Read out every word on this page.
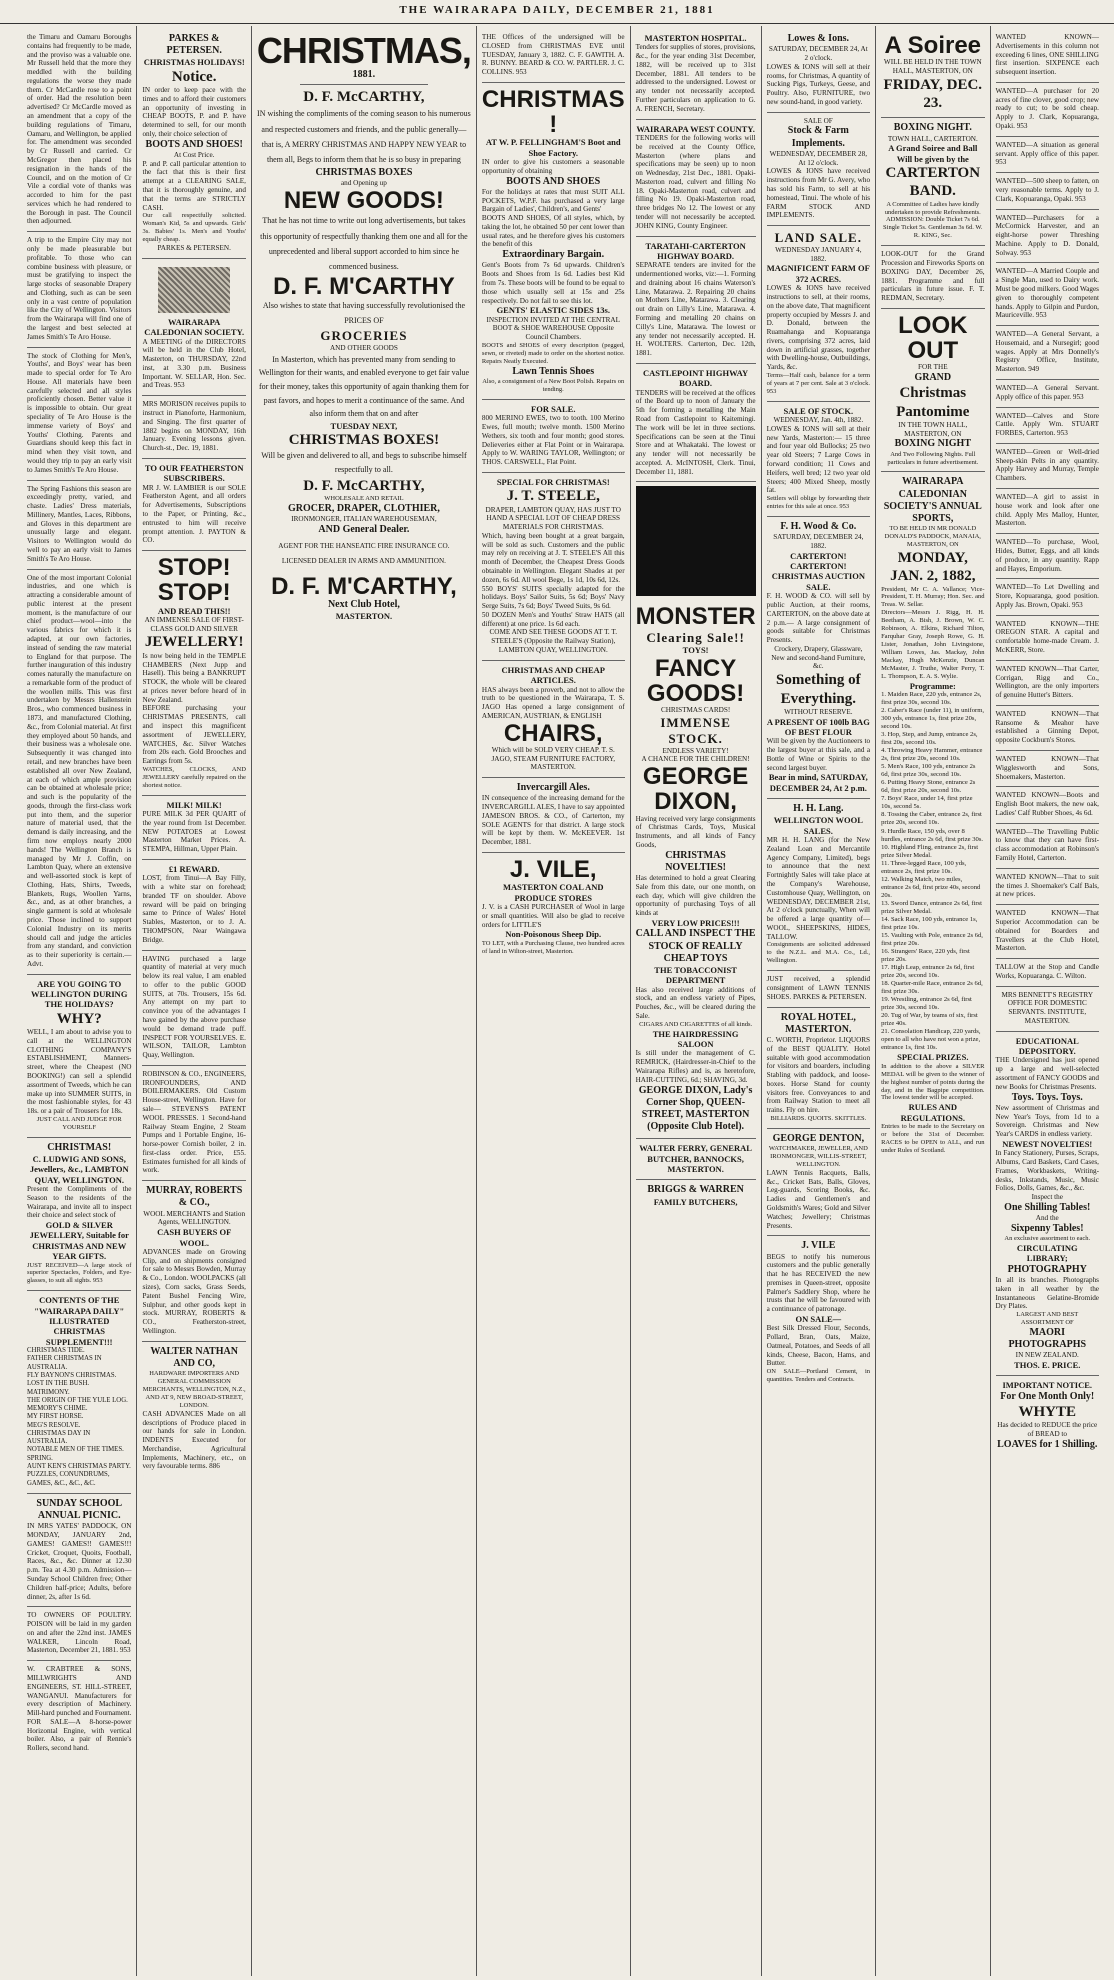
THE WAIRARAPA DAILY, DECEMBER 21, 1881
the Timaru and Oamaru Boroughs contains had frequently to be made, and the proviso was a valuable one. Mr Russell held that the more they meddled with the building regulations the worse they made them. Cr McCardle rose to a point of order. Had the resolution been advertised? Cr McCardle moved as an amendment that a copy of the building regulations of Timaru, Oamaru, and Wellington, be applied for. The amendment was seconded by Cr Russell and carried. Cr McGregor then placed his resignation in the hands of the Council, and on the motion of Cr Vile a cordial vote of thanks was accorded to him for the past services which he had rendered to the Borough in past. The Council then adjourned.
A trip to the Empire City may not only be made pleasurable but profitable. To those who can combine business with pleasure, or must be gratifying to inspect the large stocks of seasonable Drapery and Clothing, such as can be seen only in a vast centre of population like the City of Wellington. Visitors from the Wairarapa will find one of the largest and best selected at James Smith's Te Aro House.
The stock of Clothing for Men's, Youths', and Boys' wear has been made to special order for Te Aro House. All materials have been carefully selected and all styles proficiently chosen. Better value it is impossible to obtain. Our great speciality of Te Aro House is the immense variety of Boys' and Youths' Clothing. Parents and Guardians should keep this fact in mind when they visit town, and would they trip to pay an early visit to James Smith's Te Aro House.
The Spring Fashions this season are exceedingly pretty, varied, and chaste. Ladies' Dress materials, Millinery, Mantles, Laces, Ribbons, and Gloves in this department are unusually large and elegant. Visitors to Wellington would do well to pay an early visit to James Smith's Te Aro House.
One of the most important Colonial industries, and one which is attracting a considerable amount of public interest at the present moment, is the manufacture of our chief product—wool—into the various fabrics for which it is adapted, at our own factories, instead of sending the raw material to England for that purpose. The further inauguration of this industry comes naturally the manufacture on a remarkable form of the product of the woollen mills. This was first undertaken by Messrs Hallenstein Bros., who commenced business in 1873, and manufactured Clothing, &c., from Colonial material. At first they employed about 50 hands, and their business was a wholesale one. Subsequently it was changed into retail, and new branches have been established all over New Zealand, at each of which ample provision can be obtained at wholesale price; and such is the popularity of the goods, through the first-class work put into them, and the superior nature of material used, that the demand is daily increasing, and the firm now employs nearly 2000 hands! The Wellington Branch is managed by Mr J. Coffin, on Lambton Quay, where an extensive and well-assorted stock is kept of Clothing, Hats, Shirts, Tweeds, Blankets, Rugs, Woollen Yarns, &c., and, as at other branches, a single garment is sold at wholesale price. Those inclined to support Colonial Industry on its merits should call and judge the articles from any standard, and conviction as to their superiority is certain.—Advt.
ARE YOU GOING TO WELLINGTON DURING THE HOLIDAYS?
WHY?
WELL, I am about to advise you to call at the WELLINGTON CLOTHING COMPANY'S ESTABLISHMENT, Manners-street, where the Cheapest (NO BOOKING!) can sell a splendid assortment of Tweeds, which he can make up into SUMMER SUITS, in the most fashionable styles, for 43 18s. or a pair of Trousers for 18s.
JUST CALL AND JUDGE FOR YOURSELF
CHRISTMAS!
C. LUDWIG AND SONS, Jewellers, &c., LAMBTON QUAY, WELLINGTON.
Present the Compliments of the Season to the residents of the Wairarapa, and invite all to inspect their choice and select stock of
GOLD & SILVER JEWELLERY, Suitable for CHRISTMAS AND NEW YEAR GIFTS.
JUST RECEIVED—A large stock of superior Spectacles, Folders, and Eye-glasses, to suit all sights. 953
CONTENTS OF THE "WAIRARAPA DAILY" ILLUSTRATED CHRISTMAS SUPPLEMENT!!!
CHRISTMAS TIDE.
FATHER CHRISTMAS IN AUSTRALIA.
FLY BAYNON'S CHRISTMAS.
LOST IN THE BUSH.
MATRIMONY.
THE ORIGIN OF THE YULE LOG.
MEMORY'S CHIME.
MY FIRST HORSE.
MEG'S RESOLVE.
CHRISTMAS DAY IN AUSTRALIA.
NOTABLE MEN OF THE TIMES.
SPRING.
AUNT KEN'S CHRISTMAS PARTY.
PUZZLES, CONUNDRUMS, GAMES, &C., &C., &C.
SUNDAY SCHOOL ANNUAL PICNIC.
IN MRS YATES' PADDOCK, ON MONDAY, JANUARY 2nd, GAMES! GAMES!! GAMES!!! Cricket, Croquet, Quoits, Football, Races, &c., &c. Dinner at 12.30 p.m. Tea at 4.30 p.m. Admission—Sunday School Children free; Other Children half-price; Adults, before dinner, 2s, after 1s 6d.
TO OWNERS OF POULTRY. POISON will be laid in my garden on and after the 22nd inst. JAMES WALKER, Lincoln Road, Masterton, December 21, 1881. 953
W. CRABTREE & SONS, MILLWRIGHTS AND ENGINEERS, ST. HILL-STREET, WANGANUI. Manufacturers for every description of Machinery. Mill-hard punched and Fournament. FOR SALE—A 8-horse-power Horizontal Engine, with vertical boiler. Also, a pair of Rennie's Rollers, second hand.
PARKES & PETERSEN.
CHRISTMAS HOLIDAYS!
Notice.
IN order to keep pace with the times and to afford their customers an opportunity of investing in CHEAP BOOTS, P. and P. have determined to sell, for our month only, their choice selection of
BOOTS AND SHOES!
At Cost Price.
P. and P. call particular attention to the fact that this is their first attempt at a CLEARING SALE, that it is thoroughly genuine, and that the terms are STRICTLY CASH.
Our call respectfully solicited. Woman's Kid, 5s and upwards. Girls' 3s. Babies' 1s. Men's and Youths' equally cheap.
PARKES & PETERSEN.
WAIRARAPA CALEDONIAN SOCIETY.
A MEETING of the DIRECTORS will be held in the Club Hotel, Masterton, on THURSDAY, 22nd inst, at 3.30 p.m. Business Important. W. SELLAR, Hon. Sec. and Treas. 953
MRS MORISON receives pupils to instruct in Pianoforte, Harmonium, and Singing. The first quarter of 1882 begins on MONDAY, 16th January. Evening lessons given. Church-st., Dec. 19, 1881.
TO OUR FEATHERSTON SUBSCRIBERS.
MR J. W. LAMBIER is our SOLE Featherston Agent, and all orders for Advertisements, Subscriptions to the Paper, or Printing, &c., entrusted to him will receive prompt attention. J. PAYTON & CO.
STOP! STOP!
AND READ THIS!!
AN IMMENSE SALE OF FIRST-CLASS GOLD AND SILVER
JEWELLERY!
Is now being held in the TEMPLE CHAMBERS (Next Jupp and Hasell). This being a BANKRUPT STOCK, the whole will be cleared at prices never before heard of in New Zealand.
BEFORE purchasing your CHRISTMAS PRESENTS, call and inspect this magnificent assortment of JEWELLERY, WATCHES, &c. Silver Watches from 20s each. Gold Brooches and Earrings from 5s.
WATCHES, CLOCKS, AND JEWELLERY carefully repaired on the shortest notice.
MILK! MILK!
PURE MILK 3d PER QUART of the year round from 1st December. NEW POTATOES at Lowest Masterton Market Prices. A. STEMPA, Hillman, Upper Plain.
£1 REWARD.
LOST, from Tinui—A Bay Filly, with a white star on forehead; branded TF on shoulder. Above reward will be paid on bringing same to Prince of Wales' Hotel Stables, Masterton, or to J. A. THOMPSON, Near Waingawa Bridge.
HAVING purchased a large quantity of material at very much below its real value, I am enabled to offer to the public GOOD SUITS, at 70s. Trousers, 15s 6d. Any attempt on my part to convince you of the advantages I have gained by the above purchase would be demand trade puff. INSPECT FOR YOURSELVES. E. WILSON, TAILOR, Lambton Quay, Wellington.
ROBINSON & CO., ENGINEERS, IRONFOUNDERS, AND BOILERMAKERS. Old Custom House-street, Wellington. Have for sale— STEVENS'S PATENT WOOL PRESSES. 1 Second-hand Railway Steam Engine, 2 Steam Pumps and 1 Portable Engine, 16-horse-power Cornish boiler, 2 in. first-class order. Price, £55. Estimates furnished for all kinds of work.
MURRAY, ROBERTS & CO.,
WOOL MERCHANTS and Station Agents, WELLINGTON.
CASH BUYERS OF WOOL.
ADVANCES made on Growing Clip, and on shipments consigned for sale to Messrs Bowden, Murray & Co., London. WOOLPACKS (all sizes), Corn sacks, Grass Seeds, Patent Bushel Fencing Wire, Sulphur, and other goods kept in stock. MURRAY, ROBERTS & CO., Featherston-street, Wellington.
WALTER NATHAN AND CO,
HARDWARE IMPORTERS AND GENERAL COMMISSION MERCHANTS, WELLINGTON, N.Z., AND AT 9, NEW BROAD-STREET, LONDON.
CASH ADVANCES Made on all descriptions of Produce placed in our hands for sale in London. INDENTS Executed for Merchandise, Agricultural Implements, Machinery, etc., on very favourable terms. 886
CHRISTMAS,
1881.
D. F. McCARTHY,
IN wishing the compliments of the coming season to his numerous and respected customers and friends, and the public generally—that is, A MERRY CHRISTMAS AND HAPPY NEW YEAR to them all, Begs to inform them that he is so busy in preparing
CHRISTMAS BOXES
and Opening up
NEW GOODS!
That he has not time to write out long advertisements, but takes this opportunity of respectfully thanking them one and all for the unprecedented and liberal support accorded to him since he commenced business.
D. F. M'CARTHY
Also wishes to state that having successfully revolutionised the PRICES OF
GROCERIES
AND OTHER GOODS
In Masterton, which has prevented many from sending to Wellington for their wants, and enabled everyone to get fair value for their money, takes this opportunity of again thanking them for past favors, and hopes to merit a continuance of the same. And also inform them that on and after
TUESDAY NEXT,
CHRISTMAS BOXES!
Will be given and delivered to all, and begs to subscribe himself respectfully to all.
D. F. McCARTHY,
WHOLESALE AND RETAIL
GROCER, DRAPER, CLOTHIER,
IRONMONGER, ITALIAN WAREHOUSEMAN,
AND General Dealer.
AGENT FOR THE HANSEATIC FIRE INSURANCE CO.
LICENSED DEALER IN ARMS AND AMMUNITION.
D. F. M'CARTHY,
Next Club Hotel,
MASTERTON.
THE Offices of the undersigned will be CLOSED from CHRISTMAS EVE until TUESDAY, January 3, 1882. C. F. GAWITH. A. R. BUNNY. BEARD & CO. W. PARTLER. J. C. COLLINS. 953
CHRISTMAS !
AT W. P. FELLINGHAM'S Boot and Shoe Factory.
IN order to give his customers a seasonable opportunity of obtaining
BOOTS AND SHOES
For the holidays at rates that must SUIT ALL POCKETS, W.P.F. has purchased a very large Bargain of Ladies', Children's, and Gents'
BOOTS AND SHOES, Of all styles, which, by taking the lot, he obtained 50 per cent lower than usual rates, and he therefore gives his customers the benefit of this
Extraordinary Bargain.
Gent's Boots from 7s 6d upwards. Children's Boots and Shoes from 1s 6d. Ladies best Kid from 7s. These boots will be found to be equal to those which usually sell at 15s and 25s respectively. Do not fail to see this lot.
GENTS' ELASTIC SIDES 13s.
INSPECTION INVITED AT THE CENTRAL BOOT & SHOE WAREHOUSE Opposite Council Chambers.
BOOTS and SHOES of every description (pegged, sewn, or riveted) made to order on the shortest notice. Repairs Neatly Executed.
Lawn Tennis Shoes
Also, a consignment of a New Boot Polish. Repairs on tending.
FOR SALE.
800 MERINO EWES, two to tooth. 100 Merino Ewes, full mouth; twelve month. 1500 Merino Wethers, six tooth and four month; good stores. Delieveries either at Flat Point or in Wairarapa. Apply to W. WARING TAYLOR, Wellington; or THOS. CARSWELL, Flat Point.
SPECIAL FOR CHRISTMAS!
J. T. STEELE,
DRAPER, LAMBTON QUAY, HAS JUST TO HAND A SPECIAL LOT OF CHEAP DRESS MATERIALS FOR CHRISTMAS.
Which, having been bought at a great bargain, will be sold as such. Customers and the public may rely on receiving at J. T. STEELE'S All this month of December, the Cheapest Dress Goods obtainable in Wellington. Elegant Shades at per dozen, 6s 6d. All wool Bege, 1s 1d, 10s 6d, 12s.
550 BOYS' SUITS specially adapted for the holidays. Boys' Sailor Suits, 5s 6d; Boys' Navy Serge Suits, 7s 6d; Boys' Tweed Suits, 9s 6d.
50 DOZEN Men's and Youths' Straw HATS (all different) at one price. 1s 6d each.
COME AND SEE THESE GOODS AT T. T. STEELE'S (Opposite the Railway Station), LAMBTON QUAY, WELLINGTON.
CHRISTMAS AND CHEAP ARTICLES.
HAS always been a proverb, and not to allow the truth to be questioned in the Wairarapa, T. S. JAGO Has opened a large consignment of AMERICAN, AUSTRIAN, & ENGLISH
CHAIRS,
Which will be SOLD VERY CHEAP. T. S. JAGO, STEAM FURNITURE FACTORY, MASTERTON.
Invercargill Ales.
IN consequence of the increasing demand for the INVERCARGILL ALES, I have to say appointed JAMESON BROS. & CO., of Carterton, my SOLE AGENTS for that district. A large stock will be kept by them. W. McKEEVER. 1st December, 1881.
J. VILE,
MASTERTON COAL AND PRODUCE STORES
J. V. is a CASH PURCHASER of Wool in large or small quantities. Will also be glad to receive orders for LITTLE'S
Non-Poisonous Sheep Dip.
TO LET, with a Purchasing Clause, two hundred acres of land in Wilton-street, Masterton.
MASTERTON HOSPITAL.
Tenders for supplies of stores, provisions, &c., for the year ending 31st December, 1882, will be received up to 31st December, 1881. All tenders to be addressed to the undersigned. Lowest or any tender not necessarily accepted. Further particulars on application to G. A. FRENCH, Secretary.
WAIRARAPA WEST COUNTY.
TENDERS for the following works will be received at the County Office, Masterton (where plans and specifications may be seen) up to noon on Wednesday, 21st Dec., 1881. Opaki-Masterton road, culvert and filling No 18. Opaki-Masterton road, culvert and filling No 19. Opaki-Masterton road, three bridges No 12. The lowest or any tender will not necessarily be accepted. JOHN KING, County Engineer.
TARATAHI-CARTERTON HIGHWAY BOARD.
SEPARATE tenders are invited for the undermentioned works, viz:—1. Forming and draining about 16 chains Waterson's Line, Matarawa. 2. Repairing 20 chains on Mothers Line, Matarawa. 3. Clearing out drain on Lilly's Line, Matarawa. 4. Forming and metalling 20 chains on Cilly's Line, Matarawa. The lowest or any tender not necessarily accepted. H. H. WOLTERS. Carterton, Dec. 12th, 1881.
CASTLEPOINT HIGHWAY BOARD.
TENDERS will be received at the offices of the Board up to noon of January the 5th for forming a metalling the Main Road from Castlepoint to Kaitemingi. The work will be let in three sections. Specifications can be seen at the Tinui Store and at Whakataki. The lowest or any tender will not necessarily be accepted. A. McINTOSH, Clerk. Tinui, December 11, 1881.
MONSTER
Clearing Sale!!
TOYS!
FANCY GOODS!
CHRISTMAS CARDS!
IMMENSE STOCK.
ENDLESS VARIETY!
A CHANCE FOR THE CHILDREN!
GEORGE DIXON,
Having received very large consignments of Christmas Cards, Toys, Musical Instruments, and all kinds of Fancy Goods,
CHRISTMAS NOVELTIES!
Has determined to hold a great Clearing Sale from this date, our one month, on each day, which will give children the opportunity of purchasing Toys of all kinds at
VERY LOW PRICES!!!
CALL AND INSPECT THE STOCK OF REALLY CHEAP TOYS
THE TOBACCONIST DEPARTMENT
Has also received large additions of stock, and an endless variety of Pipes, Pouches, &c., will be cleared during the Sale.
CIGARS AND CIGARETTES of all kinds.
THE HAIRDRESSING SALOON
Is still under the management of C. REMRICK, (Hairdresser-in-Chief to the Wairarapa Rifles) and is, as heretofore, HAIR-CUTTING, 6d.; SHAVING, 3d.
GEORGE DIXON, Lady's Corner Shop, QUEEN-STREET, MASTERTON (Opposite Club Hotel).
WALTER FERRY, GENERAL BUTCHER, BANNOCKS, MASTERTON.
BRIGGS & WARREN
FAMILY BUTCHERS,
Lowes & Ions.
SATURDAY, DECEMBER 24, At 2 o'clock.
LOWES & IONS will sell at their rooms, for Christmas, A quantity of Sucking Pigs, Turkeys, Geese, and Poultry. Also, FURNITURE, two new sound-hand, in good variety.
SALE OF
Stock & Farm Implements.
WEDNESDAY, DECEMBER 28, At 12 o'clock.
LOWES & IONS have received instructions from Mr G. Avery, who has sold his Farm, to sell at his homestead, Tinui. The whole of his FARM STOCK AND IMPLEMENTS.
LAND SALE.
WEDNESDAY JANUARY 4, 1882.
MAGNIFICENT FARM OF 372 ACRES.
LOWES & IONS have received instructions to sell, at their rooms, on the above date, That magnificent property occupied by Messrs J. and D. Donald, between the Ruamahanga and Kopuaranga rivers, comprising 372 acres, laid down in artificial grasses, together with Dwelling-house, Outbuildings, Yards, &c.
Terms—Half cash, balance for a term of years at 7 per cent. Sale at 3 o'clock. 953
SALE OF STOCK.
WEDNESDAY, Jan. 4th, 1882.
LOWES & IONS will sell at their new Yards, Masterton:— 15 three and four year old Bullocks; 25 two year old Steers; 7 Large Cows in forward condition; 11 Cows and Heifers, well bred; 12 two year old Steers; 400 Mixed Sheep, mostly fat.
Settlers will oblige by forwarding their entries for this sale at once. 953
F. H. Wood & Co.
SATURDAY, DECEMBER 24, 1882.
CARTERTON! CARTERTON!
CHRISTMAS AUCTION SALE.
F. H. WOOD & CO. will sell by public Auction, at their rooms, CARTERTON, on the above date at 2 p.m.— A large consignment of goods suitable for Christmas Presents.
Crockery, Drapery, Glassware, New and second-hand Furniture, &c.
Something of Everything.
WITHOUT RESERVE.
A PRESENT OF 100lb BAG OF BEST FLOUR
Will be given by the Auctioneers to the largest buyer at this sale, and a Bottle of Wine or Spirits to the second largest buyer.
Bear in mind, SATURDAY, DECEMBER 24, At 2 p.m.
H. H. Lang.
WELLINGTON WOOL SALES.
MR H. H. LANG (for the New Zealand Loan and Mercantile Agency Company, Limited), begs to announce that the next Fortnightly Sales will take place at the Company's Warehouse, Customhouse Quay, Wellington, on WEDNESDAY, DECEMBER 21st, At 2 o'clock punctually, When will be offered a large quantity of— WOOL, SHEEPSKINS, HIDES, TALLOW.
Consignments are solicited addressed to the N.Z.L. and M.A. Co., Ld., Wellington.
JUST received, a splendid consignment of LAWN TENNIS SHOES. PARKES & PETERSEN.
ROYAL HOTEL, MASTERTON.
C. WORTH, Proprietor. LIQUORS of the BEST QUALITY. Hotel suitable with good accommodation for visitors and boarders, including Stabling with paddock, and loose-boxes. Horse Stand for county visitors free. Conveyances to and from Railway Station to meet all trains. Fly on hire.
BILLIARDS. QUOITS. SKITTLES.
GEORGE DENTON,
WATCHMAKER, JEWELLER, AND IRONMONGER, WILLIS-STREET, WELLINGTON.
LAWN Tennis Racquets, Balls, &c., Cricket Bats, Balls, Gloves, Leg-guards, Scoring Books, &c. Ladies and Gentlemen's and Goldsmith's Wares; Gold and Silver Watches; Jewellery; Christmas Presents.
J. VILE
BEGS to notify his numerous customers and the public generally that he has RECEIVED the new premises in Queen-street, opposite Palmer's Saddlery Shop, where he trusts that he will be favoured with a continuance of patronage.
ON SALE—
Best Silk Dressed Flour, Seconds, Pollard, Bran, Oats, Maize, Oatmeal, Potatoes, and Seeds of all kinds, Cheese, Bacon, Hams, and Butter.
ON SALE—Portland Cement, in quantities. Tenders and Contracts.
A Soiree
WILL BE HELD IN THE TOWN HALL, MASTERTON, ON
FRIDAY, DEC. 23.
BOXING NIGHT.
TOWN HALL, CARTERTON.
A Grand Soiree and Ball Will be given by the
CARTERTON BAND.
A Committee of Ladies have kindly undertaken to provide Refreshments.
ADMISSION: Double Ticket 7s 6d. Single Ticket 5s. Gentleman 3s 6d. W. R. KING, Sec.
LOOK-OUT for the Grand Procession and Fireworks Sports on BOXING DAY, December 26, 1881. Programme and full particulars in future issue. F. T. REDMAN, Secretary.
LOOK OUT
FOR THE
GRAND
Christmas Pantomime
IN THE TOWN HALL, MASTERTON, ON
BOXING NIGHT
And Two Following Nights. Full particulars in future advertisement.
WAIRARAPA CALEDONIAN SOCIETY'S ANNUAL SPORTS,
TO BE HELD IN MR DONALD DONALD'S PADDOCK, MANAIA, MASTERTON, ON
MONDAY, JAN. 2, 1882,
President, Mr C. A. Vallance; Vice-President, T. H. Murray; Hon. Sec. and Treas. W. Sellar.
Directors—Messrs J. Rigg, H. H. Beetham, A. Bish, J. Brown, W. C. Robinson, A. Elkins, Richard Tilton, Farquhar Gray, Joseph Rowe, G. H. Lister, Jonathan, John Livingstone, William Lowes, Jas. Mackay, John Mackay, Hugh McKenzie, Duncan McMaster, J. Truthe, Walter Perry, T. L. Thompson, E. A. S. Wylie.
Programme:
1. Maiden Race, 220 yds, entrance 2s, first prize 30s, second 10s.
2. Caber's Race (under 11), in uniform, 300 yds, entrance 1s, first prize 20s, second 10s.
3. Hop, Step, and Jump, entrance 2s, first 20s, second 10s.
4. Throwing Heavy Hammer, entrance 2s, first prize 20s, second 10s.
5. Men's Race, 100 yds, entrance 2s 6d, first prize 30s, second 10s.
6. Putting Heavy Stone, entrance 2s 6d, first prize 20s, second 10s.
7. Boys' Race, under 14, first prize 10s, second 5s.
8. Tossing the Caber, entrance 2s, first prize 20s, second 10s.
9. Hurdle Race, 150 yds, over 8 hurdles, entrance 2s 6d, first prize 30s.
10. Highland Fling, entrance 2s, first prize Silver Medal.
11. Three-legged Race, 100 yds, entrance 2s, first prize 10s.
12. Walking Match, two miles, entrance 2s 6d, first prize 40s, second 20s.
13. Sword Dance, entrance 2s 6d, first prize Silver Medal.
14. Sack Race, 100 yds, entrance 1s, first prize 10s.
15. Vaulting with Pole, entrance 2s 6d, first prize 20s.
16. Strangers' Race, 220 yds, first prize 20s.
17. High Leap, entrance 2s 6d, first prize 20s, second 10s.
18. Quarter-mile Race, entrance 2s 6d, first prize 30s.
19. Wrestling, entrance 2s 6d, first prize 30s, second 10s.
20. Tug of War, by teams of six, first prize 40s.
21. Consolation Handicap, 220 yards, open to all who have not won a prize, entrance 1s, first 10s.
SPECIAL PRIZES.
In addition to the above a SILVER MEDAL will be given to the winner of the highest number of points during the day, and in the Bagpipe competition. The lowest tender will be accepted.
RULES AND REGULATIONS.
Entries to be made to the Secretary on or before the 31st of December. RACES to be OPEN to ALL, and run under Rules of Scotland.
WANTED KNOWN—Advertisements in this column not exceeding 6 lines, ONE SHILLING first insertion. SIXPENCE each subsequent insertion.
WANTED—A purchaser for 20 acres of fine clover, good crop; new ready to cut; to be sold cheap. Apply to J. Clark, Kopuaranga, Opaki. 953
WANTED—A situation as general servant. Apply office of this paper. 953
WANTED—500 sheep to fatten, on very reasonable terms. Apply to J. Clark, Kopuaranga, Opaki. 953
WANTED—Purchasers for a McCormick Harvester, and an eight-horse power Threshing Machine. Apply to D. Donald, Solway. 953
WANTED—A Married Couple and a Single Man, used to Dairy work. Must be good milkers. Good Wages given to thoroughly competent hands. Apply to Gilpin and Purdon, Mauriceville. 953
WANTED—A General Servant, a Housemaid, and a Nursegirl; good wages. Apply at Mrs Donnelly's Registry Office, Institute, Masterton. 949
WANTED—A General Servant. Apply office of this paper. 953
WANTED—Calves and Store Cattle. Apply Wm. STUART FORBES, Carterton. 953
WANTED—Green or Well-dried Sheep-skin Pelts in any quantity. Apply Harvey and Murray, Temple Chambers.
WANTED—A girl to assist in house work and look after one child. Apply Mrs Malloy, Hunter, Masterton.
WANTED—To purchase, Wool, Hides, Butter, Eggs, and all kinds of produce, in any quantity. Rapp and Hayes, Emporium.
WANTED—To Let Dwelling and Store, Kopuaranga, good position. Apply Jas. Brown, Opaki. 953
WANTED KNOWN—THE OREGON STAR. A capital and comfortable home-made Cream. J. McKERR, Store.
WANTED KNOWN—That Carter, Corrigan, Rigg and Co., Wellington, are the only importers of genuine Hutter's Bitters.
WANTED KNOWN—That Ransome & Meahor have established a Ginning Depot, opposite Cockburn's Stores.
WANTED KNOWN—That Wigglesworth and Sons, Shoemakers, Masterton.
WANTED KNOWN—Boots and English Boot makers, the new oak, Ladies' Calf Rubber Shoes, 4s 6d.
WANTED—The Travelling Public to know that they can have first-class accommodation at Robinson's Family Hotel, Carterton.
WANTED KNOWN—That to suit the times J. Shoemaker's Calf Bals, at new prices.
WANTED KNOWN—That Superior Accommodation can be obtained for Boarders and Travellers at the Club Hotel, Masterton.
TALLOW at the Stop and Candle Works, Kopuaranga. C. Wilton.
MRS BENNETT'S REGISTRY OFFICE FOR DOMESTIC SERVANTS. INSTITUTE, MASTERTON.
EDUCATIONAL DEPOSITORY.
THE Undersigned has just opened up a large and well-selected assortment of FANCY GOODS and new Books for Christmas Presents.
Toys. Toys. Toys.
New assortment of Christmas and New Year's Toys, from 1d to a Sovereign. Christmas and New Year's CARDS in endless variety.
NEWEST NOVELTIES!
In Fancy Stationery, Purses, Scraps, Albums, Card Baskets, Card Cases, Frames, Workbaskets, Writing-desks, Inkstands, Music, Music Folios, Dolls, Games, &c., &c.
Inspect the
One Shilling Tables!
And the
Sixpenny Tables!
An exclusive assortment to each.
CIRCULATING LIBRARY;
PHOTOGRAPHY
In all its branches. Photographs taken in all weather by the Instantaneous Gelatine-Bromide Dry Plates.
LARGEST AND BEST ASSORTMENT OF
MAORI PHOTOGRAPHS
IN NEW ZEALAND.
THOS. E. PRICE.
IMPORTANT NOTICE.
For One Month Only!
WHYTE
Has decided to REDUCE the price of BREAD to
LOAVES for 1 Shilling.
